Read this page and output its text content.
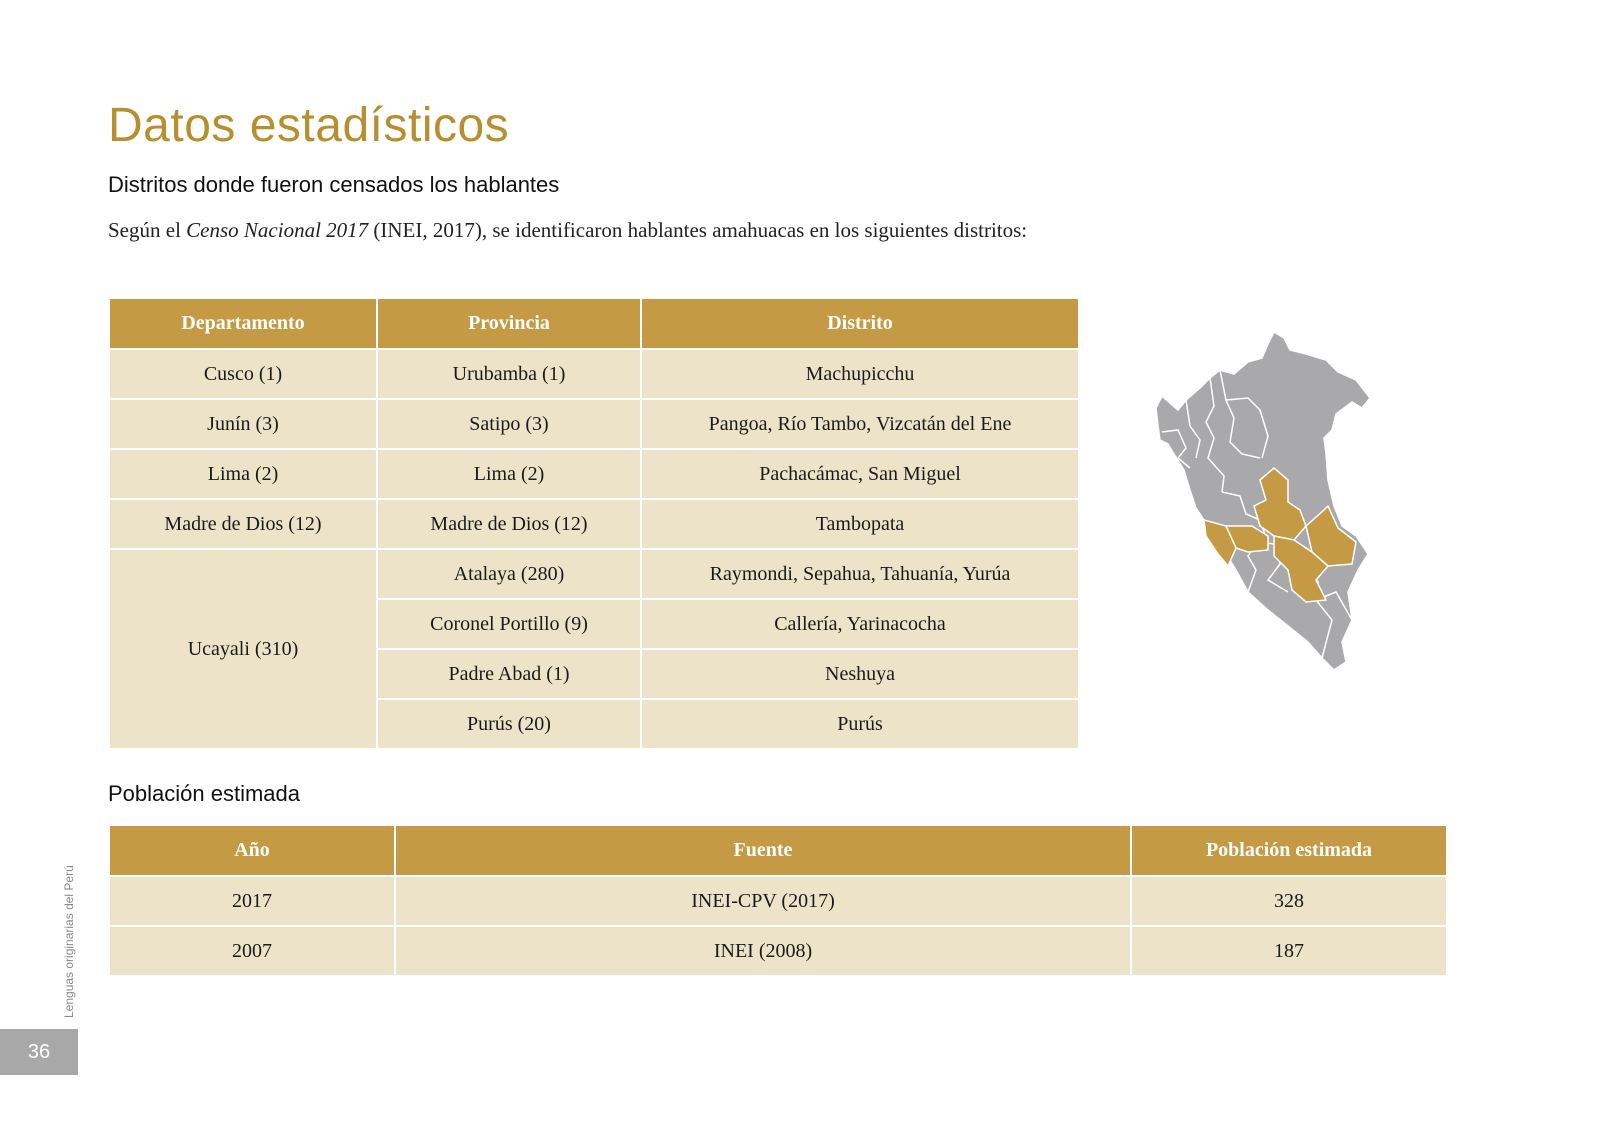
Datos estadísticos
Distritos donde fueron censados los hablantes

Según el Censo Nacional 2017 (INEI, 2017), se identificaron hablantes amahuacas en los siguientes distritos:

Departamento	Provincia	Distrito
Cusco (1)	Urubamba (1)	Machupicchu
Junín (3)	Satipo (3)	Pangoa, Río Tambo, Vizcatán del Ene
Lima (2)	Lima (2)	Pachacámac, San Miguel
Madre de Dios (12)	Madre de Dios (12)	Tambopata
Ucayali (310)	Atalaya (280)	Raymondi, Sepahua, Tahuanía, Yurúa
	Coronel Portillo (9)	Callería, Yarinacocha
	Padre Abad (1)	Neshuya
	Purús (20)	Purús
Población estimada
Año	Fuente	Población estimada
2017	INEI-CPV (2017)	328
2007	INEI (2008)	187
Lenguas originarias del Perú
36
